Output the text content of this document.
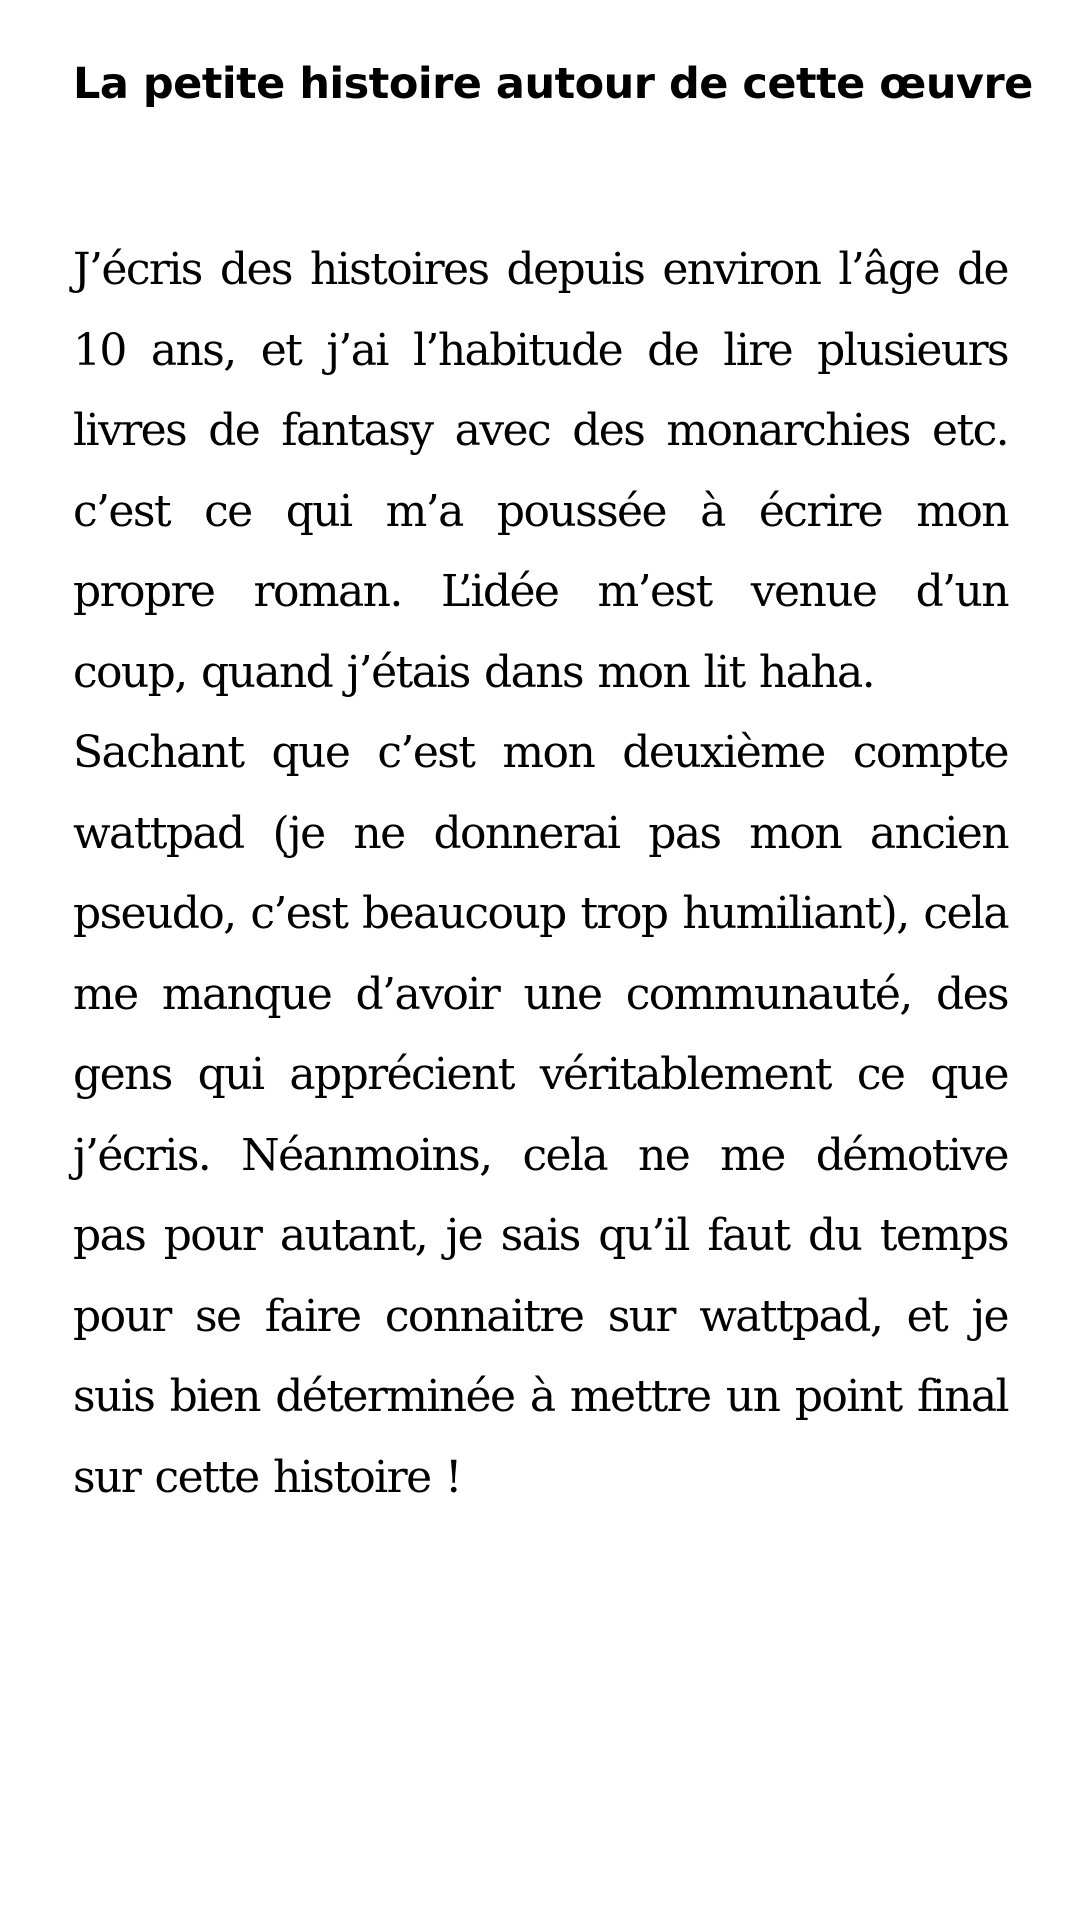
La petite histoire autour de cette œuvre

J’écris des histoires depuis environ l’âge de 10 ans, et j’ai l’habitude de lire plusieurs livres de fantasy avec des monarchies etc. c’est ce qui m’a poussée à écrire mon propre roman. L’idée m’est venue d’un coup, quand j’étais dans mon lit haha.

Sachant que c’est mon deuxième compte wattpad (je ne donnerai pas mon ancien pseudo, c’est beaucoup trop humiliant), cela me manque d’avoir une communauté, des gens qui apprécient véritablement ce que j’écris. Néanmoins, cela ne me démotive pas pour autant, je sais qu’il faut du temps pour se faire connaitre sur wattpad, et je suis bien déterminée à mettre un point final sur cette histoire !
